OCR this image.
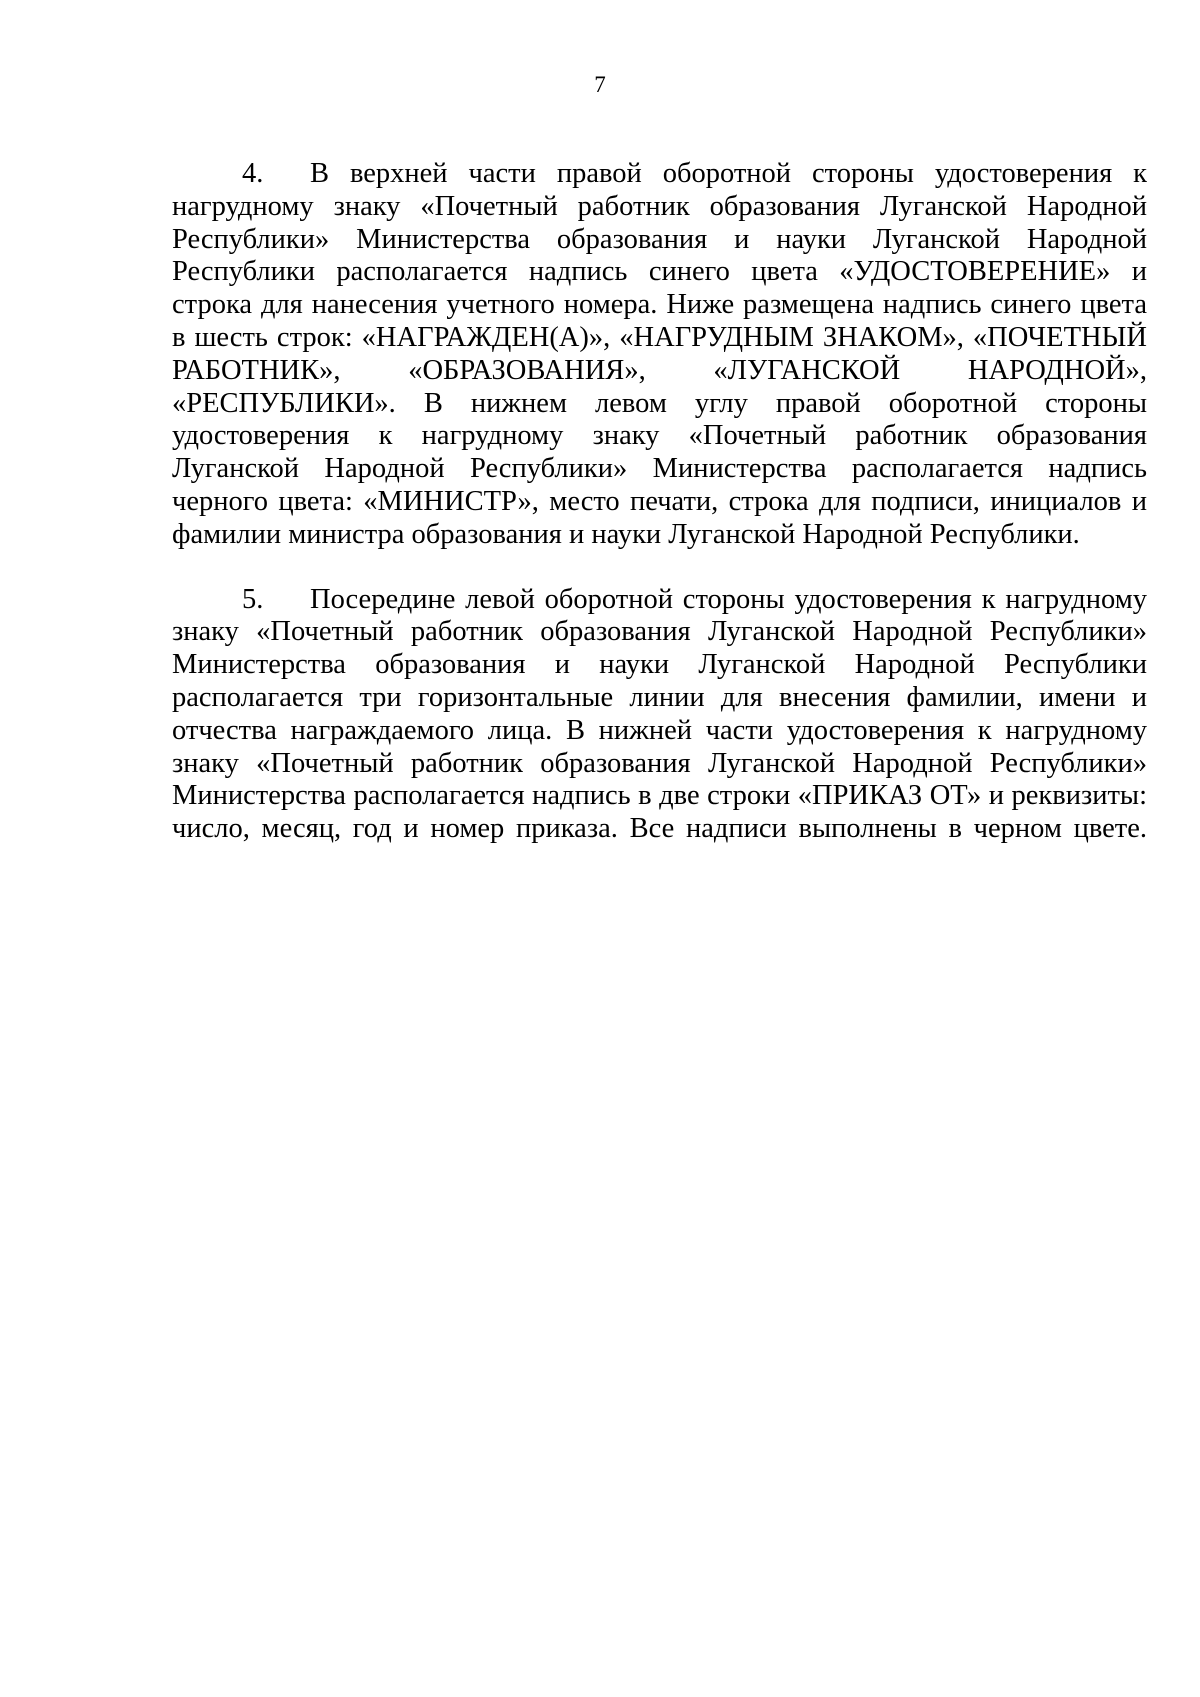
7

4. В верхней части правой оборотной стороны удостоверения к нагрудному знаку «Почетный работник образования Луганской Народной Республики» Министерства образования и науки Луганской Народной Республики располагается надпись синего цвета «УДОСТОВЕРЕНИЕ» и строка для нанесения учетного номера. Ниже размещена надпись синего цвета в шесть строк: «НАГРАЖДЕН(А)», «НАГРУДНЫМ ЗНАКОМ», «ПОЧЕТНЫЙ РАБОТНИК», «ОБРАЗОВАНИЯ», «ЛУГАНСКОЙ НАРОДНОЙ», «РЕСПУБЛИКИ». В нижнем левом углу правой оборотной стороны удостоверения к нагрудному знаку «Почетный работник образования Луганской Народной Республики» Министерства располагается надпись черного цвета: «МИНИСТР», место печати, строка для подписи, инициалов и фамилии министра образования и науки Луганской Народной Республики.

5. Посередине левой оборотной стороны удостоверения к нагрудному знаку «Почетный работник образования Луганской Народной Республики» Министерства образования и науки Луганской Народной Республики располагается три горизонтальные линии для внесения фамилии, имени и отчества награждаемого лица. В нижней части удостоверения к нагрудному знаку «Почетный работник образования Луганской Народной Республики» Министерства располагается надпись в две строки «ПРИКАЗ ОТ» и реквизиты: число, месяц, год и номер приказа. Все надписи выполнены в черном цвете.
